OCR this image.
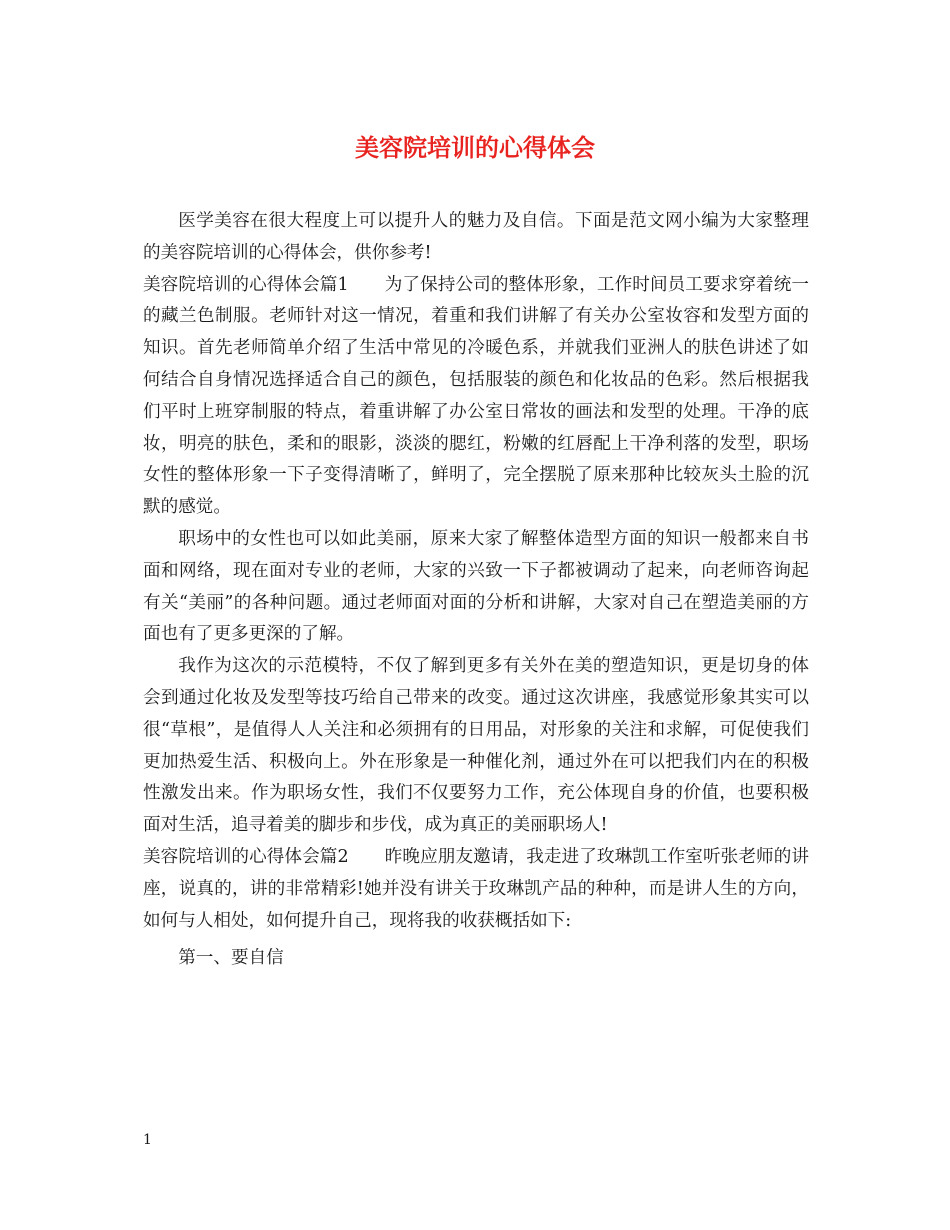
美容院培训的心得体会

医学美容在很大程度上可以提升人的魅力及自信。下面是范文网小编为大家整理的美容院培训的心得体会，供你参考!

美容院培训的心得体会篇1 为了保持公司的整体形象，工作时间员工要求穿着统一的藏兰色制服。老师针对这一情况，着重和我们讲解了有关办公室妆容和发型方面的知识。首先老师简单介绍了生活中常见的冷暖色系，并就我们亚洲人的肤色讲述了如何结合自身情况选择适合自己的颜色，包括服装的颜色和化妆品的色彩。然后根据我们平时上班穿制服的特点，着重讲解了办公室日常妆的画法和发型的处理。干净的底妆，明亮的肤色，柔和的眼影，淡淡的腮红，粉嫩的红唇配上干净利落的发型，职场女性的整体形象一下子变得清晰了，鲜明了，完全摆脱了原来那种比较灰头土脸的沉默的感觉。

职场中的女性也可以如此美丽，原来大家了解整体造型方面的知识一般都来自书面和网络，现在面对专业的老师，大家的兴致一下子都被调动了起来，向老师咨询起有关“美丽”的各种问题。通过老师面对面的分析和讲解，大家对自己在塑造美丽的方面也有了更多更深的了解。

我作为这次的示范模特，不仅了解到更多有关外在美的塑造知识，更是切身的体会到通过化妆及发型等技巧给自己带来的改变。通过这次讲座，我感觉形象其实可以很“草根”，是值得人人关注和必须拥有的日用品，对形象的关注和求解，可促使我们更加热爱生活、积极向上。外在形象是一种催化剂，通过外在可以把我们内在的积极性激发出来。作为职场女性，我们不仅要努力工作，充公体现自身的价值，也要积极面对生活，追寻着美的脚步和步伐，成为真正的美丽职场人!

美容院培训的心得体会篇2 昨晚应朋友邀请，我走进了玫琳凯工作室听张老师的讲座，说真的，讲的非常精彩!她并没有讲关于玫琳凯产品的种种，而是讲人生的方向，如何与人相处，如何提升自己，现将我的收获概括如下:

第一、要自信

1
